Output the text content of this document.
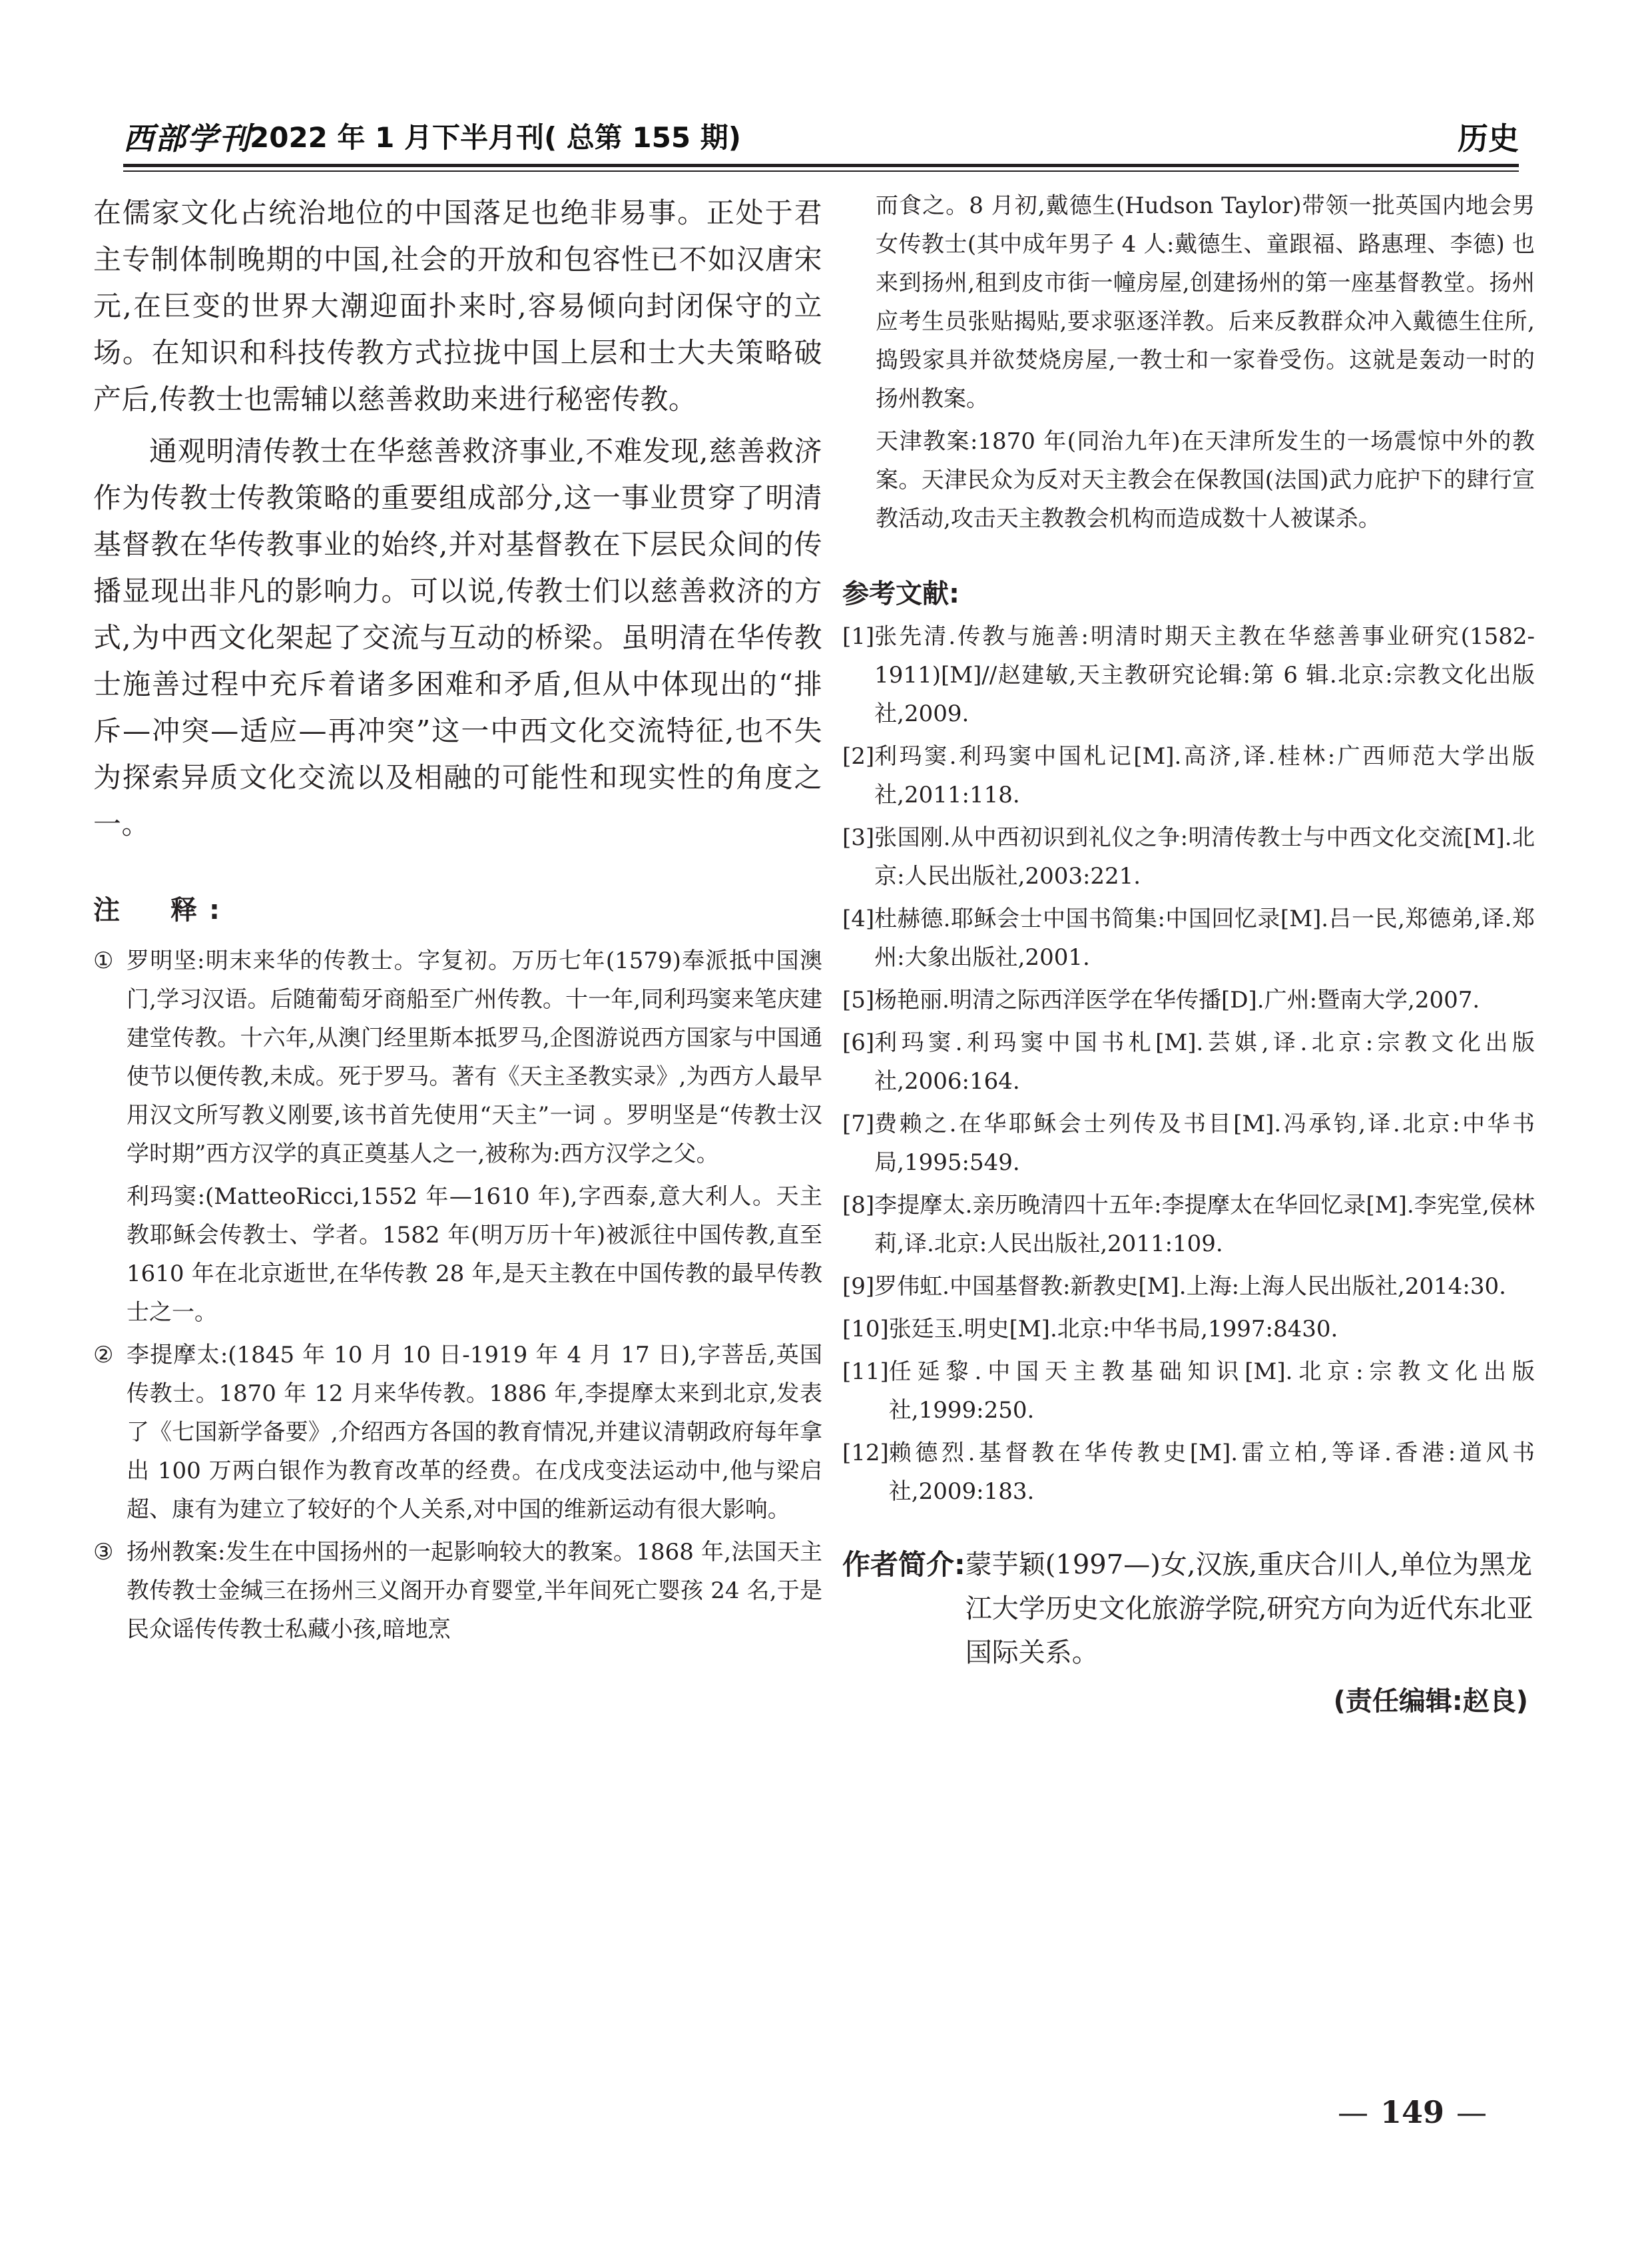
西部学刊
2022 年 1 月下半月刊( 总第 155 期)	历史

在儒家文化占统治地位的中国落足也绝非易事。正处于君主专制体制晚期的中国,社会的开放和包容性已不如汉唐宋元,在巨变的世界大潮迎面扑来时,容易倾向封闭保守的立场。在知识和科技传教方式拉拢中国上层和士大夫策略破产后,传教士也需辅以慈善救助来进行秘密传教。

通观明清传教士在华慈善救济事业,不难发现,慈善救济作为传教士传教策略的重要组成部分,这一事业贯穿了明清基督教在华传教事业的始终,并对基督教在下层民众间的传播显现出非凡的影响力。可以说,传教士们以慈善救济的方式,为中西文化架起了交流与互动的桥梁。虽明清在华传教士施善过程中充斥着诸多困难和矛盾,但从中体现出的“排斥—冲突—适应—再冲突”这一中西文化交流特征,也不失为探索异质文化交流以及相融的可能性和现实性的角度之一。

注　释:

① 罗明坚:明末来华的传教士。字复初。万历七年(1579)奉派抵中国澳门,学习汉语。后随葡萄牙商船至广州传教。十一年,同利玛窦来笔庆建建堂传教。十六年,从澳门经里斯本抵罗马,企图游说西方国家与中国通使节以便传教,未成。死于罗马。著有《天主圣教实录》,为西方人最早用汉文所写教义刚要,该书首先使用“天主”一词 。罗明坚是“传教士汉学时期”西方汉学的真正奠基人之一,被称为:西方汉学之父。

利玛窦:(MatteoRicci,1552 年—1610 年),字西泰,意大利人。天主教耶稣会传教士、学者。1582 年(明万历十年)被派往中国传教,直至 1610 年在北京逝世,在华传教 28 年,是天主教在中国传教的最早传教士之一。

② 李提摩太:(1845 年 10 月 10 日-1919 年 4 月 17 日),字菩岳,英国传教士。1870 年 12 月来华传教。1886 年,李提摩太来到北京,发表了《七国新学备要》,介绍西方各国的教育情况,并建议清朝政府每年拿出 100 万两白银作为教育改革的经费。在戊戌变法运动中,他与梁启超、康有为建立了较好的个人关系,对中国的维新运动有很大影响。
③ 扬州教案:发生在中国扬州的一起影响较大的教案。1868 年,法国天主教传教士金缄三在扬州三义阁开办育婴堂,半年间死亡婴孩 24 名,于是民众谣传传教士私藏小孩,暗地烹

而食之。8 月初,戴德生(Hudson Taylor)带领一批英国内地会男女传教士(其中成年男子 4 人:戴德生、童跟福、路惠理、李德) 也来到扬州,租到皮市街一幢房屋,创建扬州的第一座基督教堂。扬州应考生员张贴揭贴,要求驱逐洋教。后来反教群众冲入戴德生住所,捣毁家具并欲焚烧房屋,一教士和一家眷受伤。这就是轰动一时的扬州教案。

天津教案:1870 年(同治九年)在天津所发生的一场震惊中外的教案。天津民众为反对天主教会在保教国(法国)武力庇护下的肆行宣教活动,攻击天主教教会机构而造成数十人被谋杀。

参考文献:

[1] 张先清.传教与施善:明清时期天主教在华慈善事业研究(1582-1911)[M]//赵建敏,天主教研究论辑:第 6 辑.北京:宗教文化出版社,2009.
[2] 利玛窦.利玛窦中国札记[M].高济,译.桂林:广西师范大学出版社,2011:118.
[3] 张国刚.从中西初识到礼仪之争:明清传教士与中西文化交流[M].北京:人民出版社,2003:221.
[4] 杜赫德.耶稣会士中国书简集:中国回忆录[M].吕一民,郑德弟,译.郑州:大象出版社,2001.
[5] 杨艳丽.明清之际西洋医学在华传播[D].广州:暨南大学,2007.
[6] 利玛窦.利玛窦中国书札[M].芸娸,译.北京:宗教文化出版社,2006:164.
[7] 费赖之.在华耶稣会士列传及书目[M].冯承钧,译.北京:中华书局,1995:549.
[8] 李提摩太.亲历晚清四十五年:李提摩太在华回忆录[M].李宪堂,侯林莉,译.北京:人民出版社,2011:109.
[9] 罗伟虹.中国基督教:新教史[M].上海:上海人民出版社,2014:30.
[10] 张廷玉.明史[M].北京:中华书局,1997:8430.
[11] 任延黎.中国天主教基础知识[M].北京:宗教文化出版社,1999:250.
[12] 赖德烈.基督教在华传教史[M].雷立柏,等译.香港:道风书社,2009:183.
作者简介: 蒙芋颖(1997—)女,汉族,重庆合川人,单位为黑龙江大学历史文化旅游学院,研究方向为近代东北亚国际关系。
(责任编辑:赵良)
— 149 —
